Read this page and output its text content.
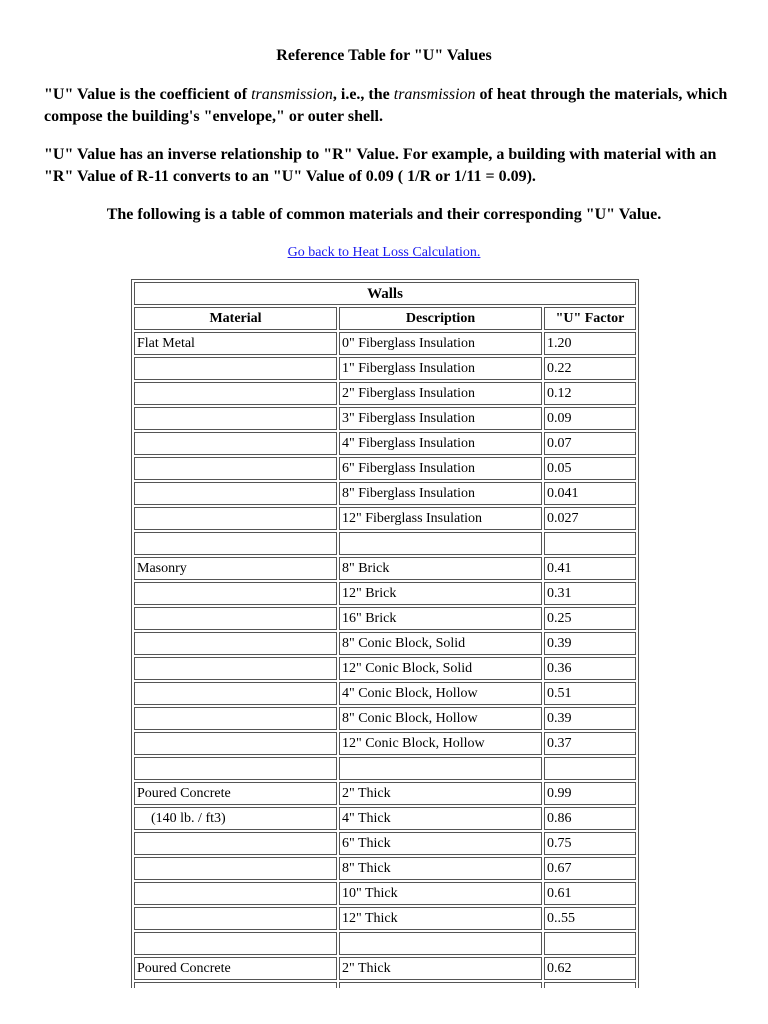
Reference Table for "U" Values
"U" Value is the coefficient of transmission, i.e., the transmission of heat through the materials, which compose the building's "envelope," or outer shell.
"U" Value has an inverse relationship to "R" Value. For example, a building with material with an "R" Value of R-11 converts to an "U" Value of 0.09 ( 1/R or 1/11 = 0.09).
The following is a table of common materials and their corresponding "U" Value.
Go back to Heat Loss Calculation.
Walls		
Material	Description	"U" Factor
Flat Metal	0" Fiberglass Insulation	1.20
	1" Fiberglass Insulation	0.22
	2" Fiberglass Insulation	0.12
	3" Fiberglass Insulation	0.09
	4" Fiberglass Insulation	0.07
	6" Fiberglass Insulation	0.05
	8" Fiberglass Insulation	0.041
	12" Fiberglass Insulation	0.027

Masonry	8" Brick	0.41
	12" Brick	0.31
	16" Brick	0.25
	8" Conic Block, Solid	0.39
	12" Conic Block, Solid	0.36
	4" Conic Block, Hollow	0.51
	8" Conic Block, Hollow	0.39
	12" Conic Block, Hollow	0.37

Poured Concrete	2" Thick	0.99
(140 lb. / ft3)	4" Thick	0.86
	6" Thick	0.75
	8" Thick	0.67
	10" Thick	0.61
	12" Thick	0..55

Poured Concrete	2" Thick	0.62
